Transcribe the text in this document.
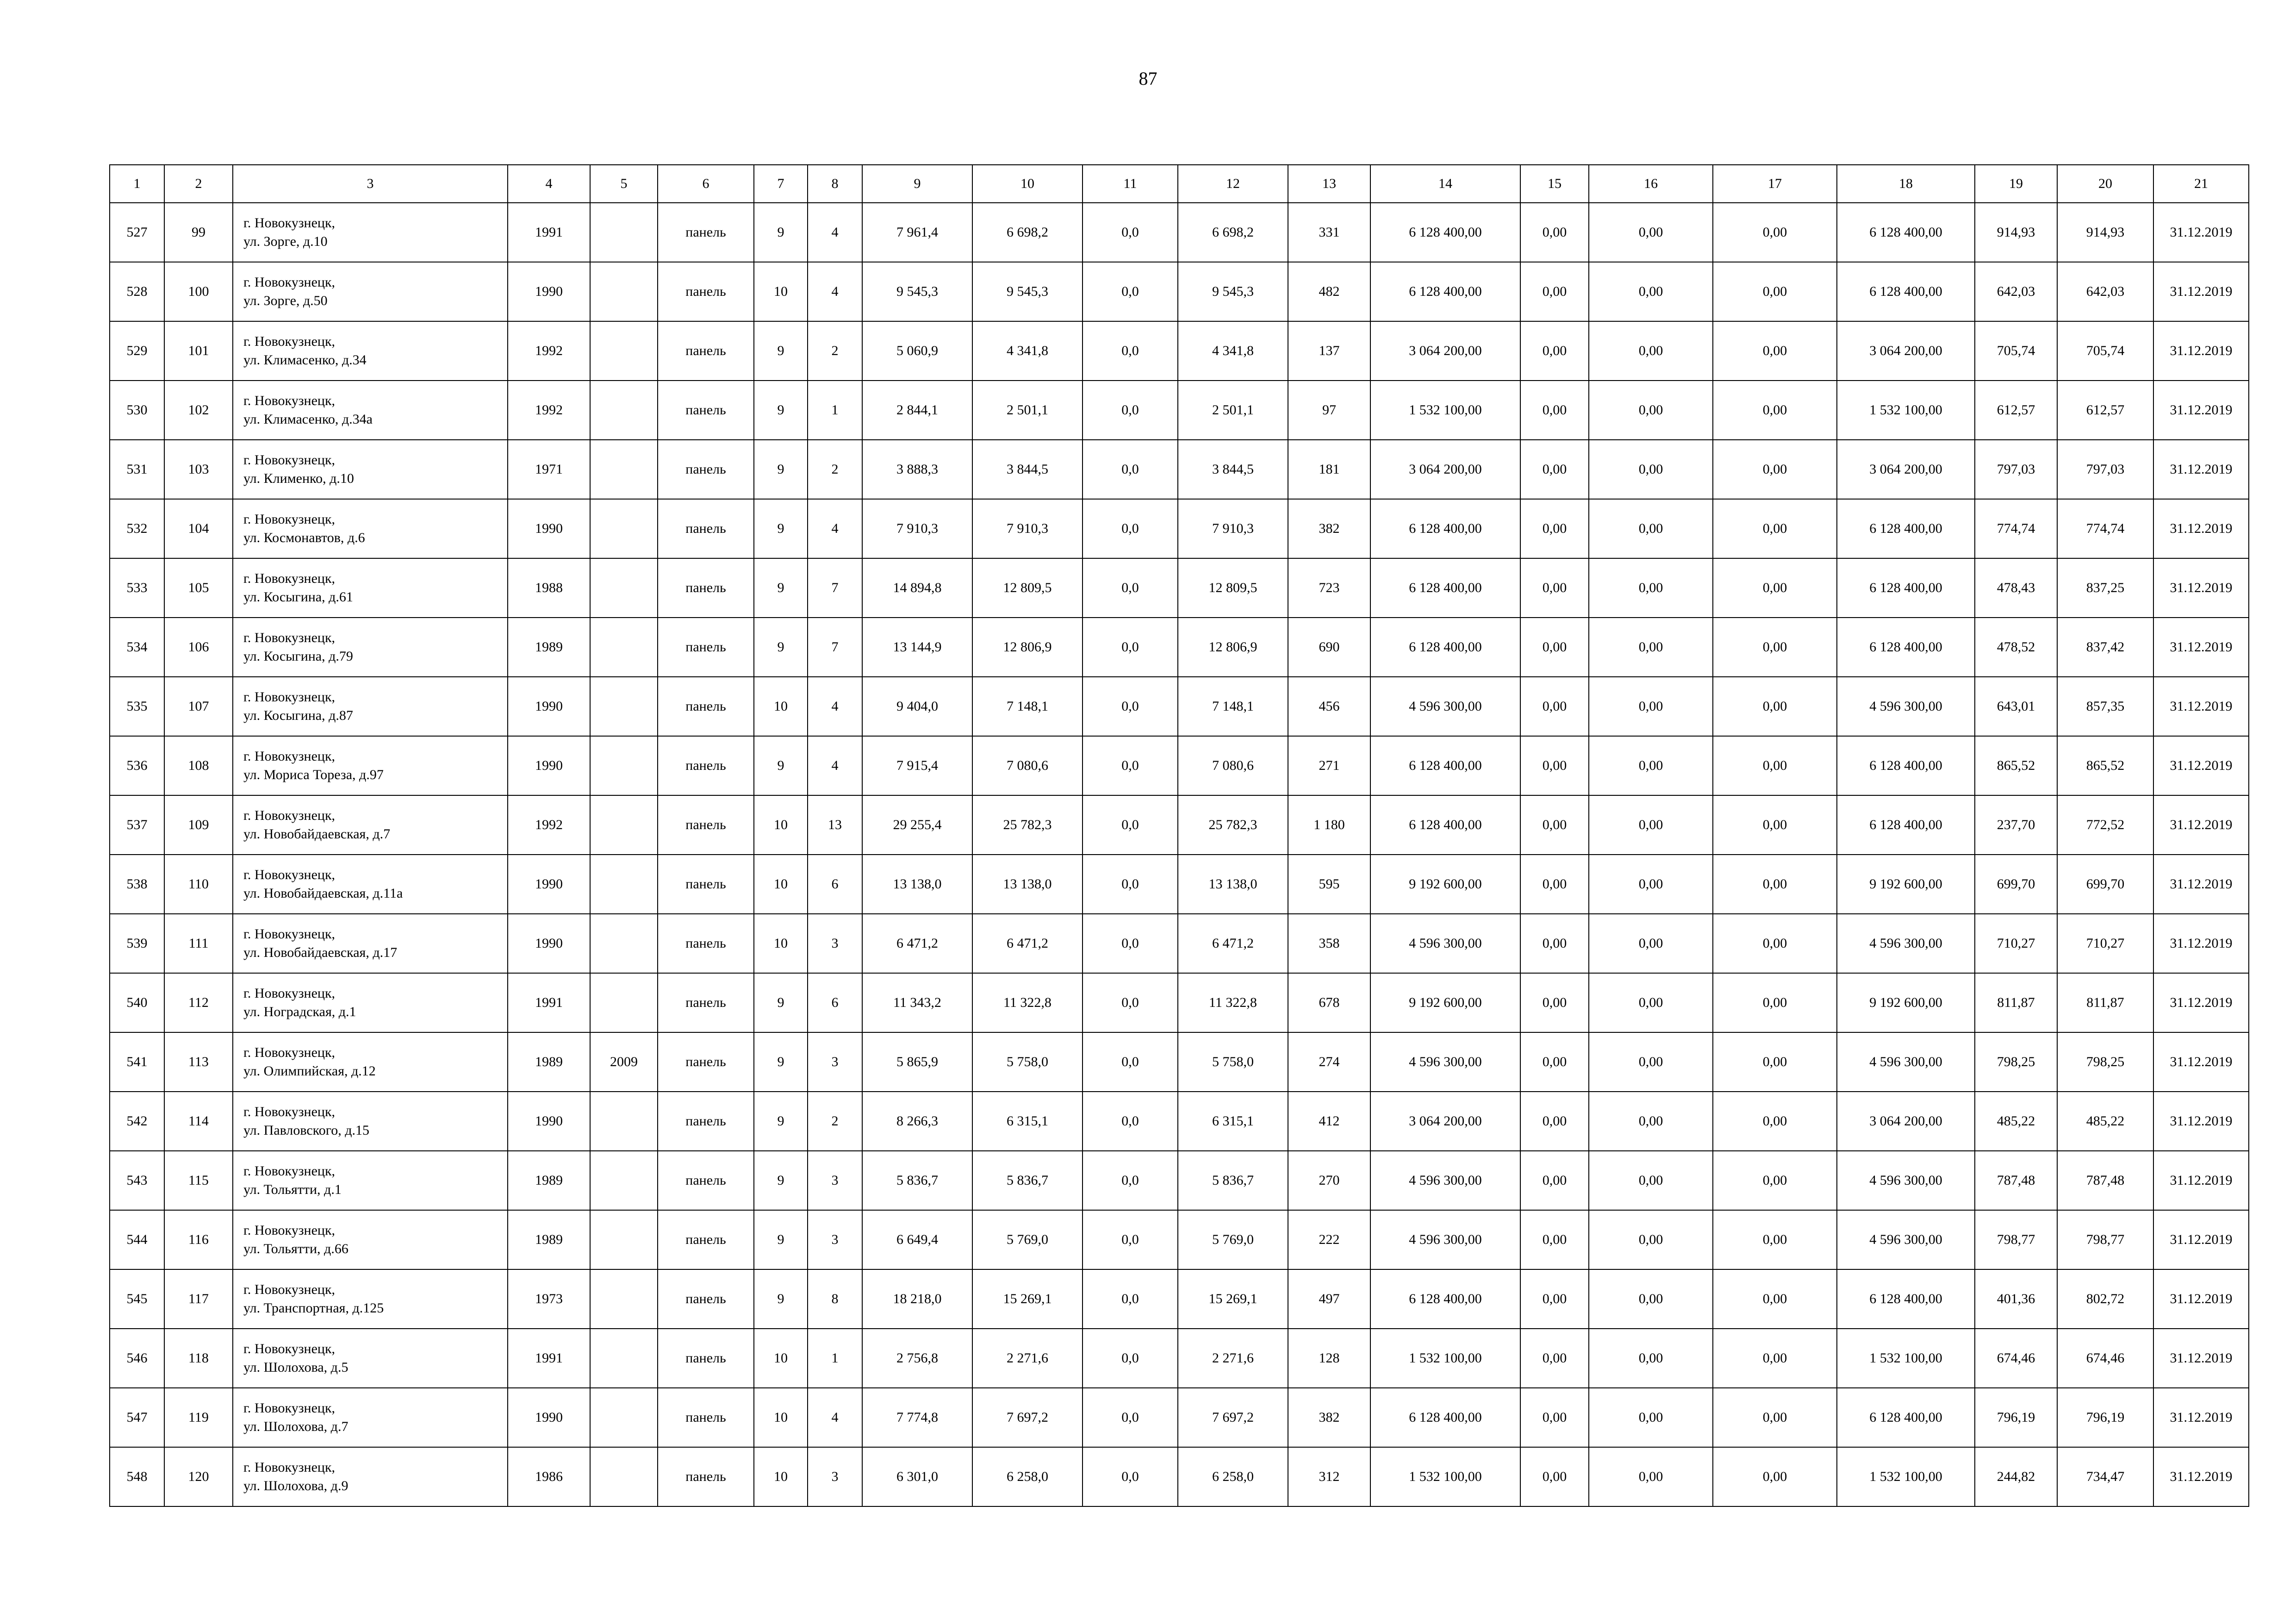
87
1	2	3	4	5	6	7	8	9	10	11	12	13	14	15	16	17	18	19	20	21
527	99	г. Новокузнецк,
ул. Зорге, д.10	1991		панель	9	4	7 961,4	6 698,2	0,0	6 698,2	331	6 128 400,00	0,00	0,00	0,00	6 128 400,00	914,93	914,93	31.12.2019
528	100	г. Новокузнецк,
ул. Зорге, д.50	1990		панель	10	4	9 545,3	9 545,3	0,0	9 545,3	482	6 128 400,00	0,00	0,00	0,00	6 128 400,00	642,03	642,03	31.12.2019
529	101	г. Новокузнецк,
ул. Климасенко, д.34	1992		панель	9	2	5 060,9	4 341,8	0,0	4 341,8	137	3 064 200,00	0,00	0,00	0,00	3 064 200,00	705,74	705,74	31.12.2019
530	102	г. Новокузнецк,
ул. Климасенко, д.34а	1992		панель	9	1	2 844,1	2 501,1	0,0	2 501,1	97	1 532 100,00	0,00	0,00	0,00	1 532 100,00	612,57	612,57	31.12.2019
531	103	г. Новокузнецк,
ул. Клименко, д.10	1971		панель	9	2	3 888,3	3 844,5	0,0	3 844,5	181	3 064 200,00	0,00	0,00	0,00	3 064 200,00	797,03	797,03	31.12.2019
532	104	г. Новокузнецк,
ул. Космонавтов, д.6	1990		панель	9	4	7 910,3	7 910,3	0,0	7 910,3	382	6 128 400,00	0,00	0,00	0,00	6 128 400,00	774,74	774,74	31.12.2019
533	105	г. Новокузнецк,
ул. Косыгина, д.61	1988		панель	9	7	14 894,8	12 809,5	0,0	12 809,5	723	6 128 400,00	0,00	0,00	0,00	6 128 400,00	478,43	837,25	31.12.2019
534	106	г. Новокузнецк,
ул. Косыгина, д.79	1989		панель	9	7	13 144,9	12 806,9	0,0	12 806,9	690	6 128 400,00	0,00	0,00	0,00	6 128 400,00	478,52	837,42	31.12.2019
535	107	г. Новокузнецк,
ул. Косыгина, д.87	1990		панель	10	4	9 404,0	7 148,1	0,0	7 148,1	456	4 596 300,00	0,00	0,00	0,00	4 596 300,00	643,01	857,35	31.12.2019
536	108	г. Новокузнецк,
ул. Мориса Тореза, д.97	1990		панель	9	4	7 915,4	7 080,6	0,0	7 080,6	271	6 128 400,00	0,00	0,00	0,00	6 128 400,00	865,52	865,52	31.12.2019
537	109	г. Новокузнецк,
ул. Новобайдаевская, д.7	1992		панель	10	13	29 255,4	25 782,3	0,0	25 782,3	1 180	6 128 400,00	0,00	0,00	0,00	6 128 400,00	237,70	772,52	31.12.2019
538	110	г. Новокузнецк,
ул. Новобайдаевская, д.11а	1990		панель	10	6	13 138,0	13 138,0	0,0	13 138,0	595	9 192 600,00	0,00	0,00	0,00	9 192 600,00	699,70	699,70	31.12.2019
539	111	г. Новокузнецк,
ул. Новобайдаевская, д.17	1990		панель	10	3	6 471,2	6 471,2	0,0	6 471,2	358	4 596 300,00	0,00	0,00	0,00	4 596 300,00	710,27	710,27	31.12.2019
540	112	г. Новокузнецк,
ул. Ноградская, д.1	1991		панель	9	6	11 343,2	11 322,8	0,0	11 322,8	678	9 192 600,00	0,00	0,00	0,00	9 192 600,00	811,87	811,87	31.12.2019
541	113	г. Новокузнецк,
ул. Олимпийская, д.12	1989	2009	панель	9	3	5 865,9	5 758,0	0,0	5 758,0	274	4 596 300,00	0,00	0,00	0,00	4 596 300,00	798,25	798,25	31.12.2019
542	114	г. Новокузнецк,
ул. Павловского, д.15	1990		панель	9	2	8 266,3	6 315,1	0,0	6 315,1	412	3 064 200,00	0,00	0,00	0,00	3 064 200,00	485,22	485,22	31.12.2019
543	115	г. Новокузнецк,
ул. Тольятти, д.1	1989		панель	9	3	5 836,7	5 836,7	0,0	5 836,7	270	4 596 300,00	0,00	0,00	0,00	4 596 300,00	787,48	787,48	31.12.2019
544	116	г. Новокузнецк,
ул. Тольятти, д.66	1989		панель	9	3	6 649,4	5 769,0	0,0	5 769,0	222	4 596 300,00	0,00	0,00	0,00	4 596 300,00	798,77	798,77	31.12.2019
545	117	г. Новокузнецк,
ул. Транспортная, д.125	1973		панель	9	8	18 218,0	15 269,1	0,0	15 269,1	497	6 128 400,00	0,00	0,00	0,00	6 128 400,00	401,36	802,72	31.12.2019
546	118	г. Новокузнецк,
ул. Шолохова, д.5	1991		панель	10	1	2 756,8	2 271,6	0,0	2 271,6	128	1 532 100,00	0,00	0,00	0,00	1 532 100,00	674,46	674,46	31.12.2019
547	119	г. Новокузнецк,
ул. Шолохова, д.7	1990		панель	10	4	7 774,8	7 697,2	0,0	7 697,2	382	6 128 400,00	0,00	0,00	0,00	6 128 400,00	796,19	796,19	31.12.2019
548	120	г. Новокузнецк,
ул. Шолохова, д.9	1986		панель	10	3	6 301,0	6 258,0	0,0	6 258,0	312	1 532 100,00	0,00	0,00	0,00	1 532 100,00	244,82	734,47	31.12.2019
